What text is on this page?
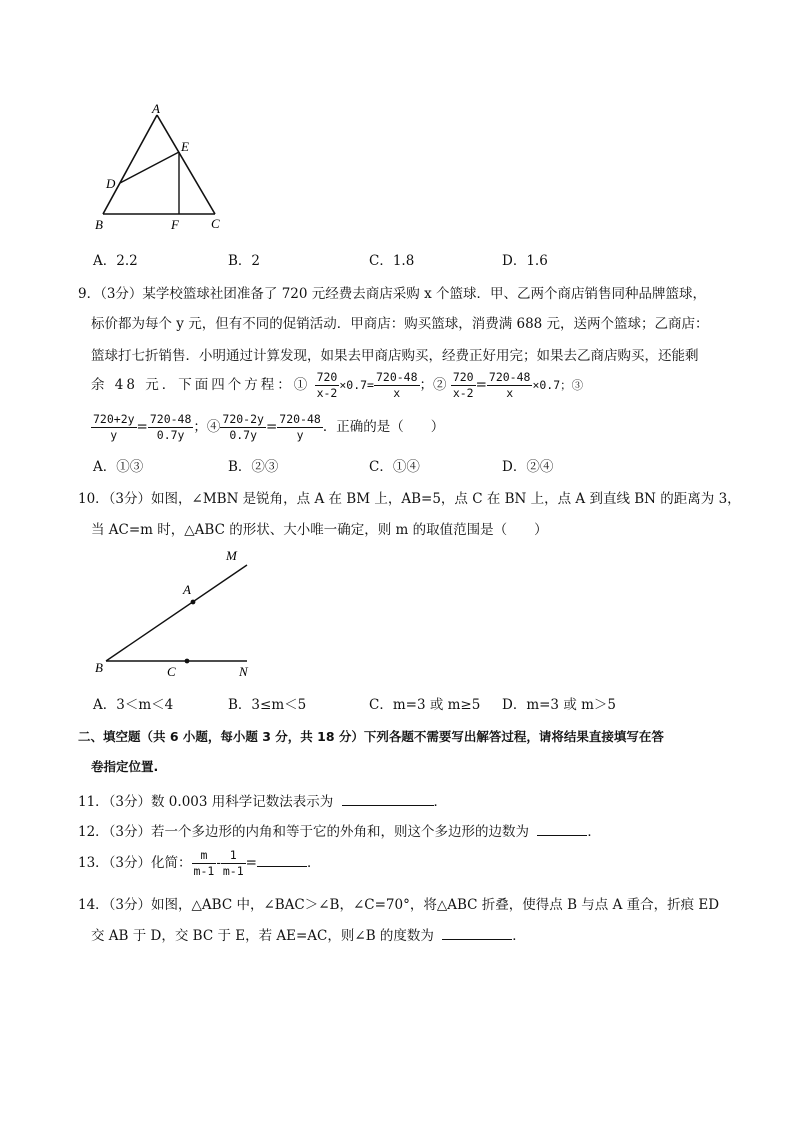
A
E
D
B	F C
A．2.2	B．2	C．1.8	D．1.6
9．（3分）某学校篮球社团准备了 720 元经费去商店采购 x 个篮球．甲、乙两个商店销售同种品牌篮球，
标价都为每个 y 元，但有不同的促销活动．甲商店：购买篮球，消费满 688 元，送两个篮球；乙商店：
篮球打七折销售．小明通过计算发现，如果去甲商店购买，经费正好用完；如果去乙商店购买，还能剩
余 48 元．下面四个方程：① $\frac{720}{x-2} \times 0.7= \frac{720-48}{x}$ ；② $\frac{720}{x-2} = \frac{720-48}{x} \times 0.7$；③
$\frac{720+2y}{y} = \frac{720-48}{0.7y}$ ；④ $\frac{720-2y}{0.7y} = \frac{720-48}{y}$ ．正确的是（　　）
A．①③	B．②③	C．①④	D．②④
10．（3分）如图，∠MBN 是锐角，点 A 在 BM 上，AB=5，点 C 在 BN 上，点 A 到直线 BN 的距离为 3，
当 AC=m 时，△ABC 的形状、大小唯一确定，则 m 的取值范围是（　　）
M
A
B	C	N
A．3＜m＜4	B．3≤m＜5	C．m=3 或 m≥5 D．m=3 或 m＞5
二、填空题（共 6 小题，每小题 3 分，共 18 分）下列各题不需要写出解答过程，请将结果直接填写在答
卷指定位置.
11．（3分）数 0.003 用科学记数法表示为	．
12．（3分）若一个多边形的内角和等于它的外角和，则这个多边形的边数为	．
13．（3分）化简： $\frac{m}{m-1} - \frac{1}{m-1}$ =	．
14．（3分）如图，△ABC 中，∠BAC＞∠B，∠C=70°，将△ABC 折叠，使得点 B 与点 A 重合，折痕 ED
交 AB 于 D，交 BC 于 E，若 AE=AC，则∠B 的度数为	．
